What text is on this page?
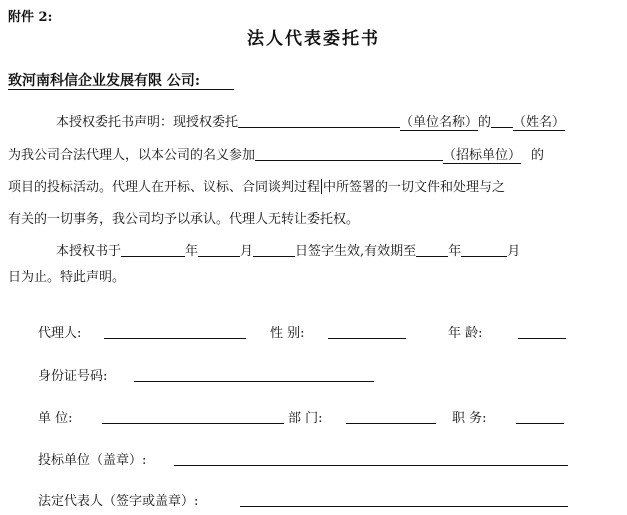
附件 2:
法人代表委托书
致河南科信企业发展有限 公司:
本授权委托书声明：现授权委托	（单位名称）的 （姓名）
为我公司合法代理人，以本公司的名义参加	（招标单位） 的
项目的投标活动。代理人在开标、议标、合同谈判过程 中所签署的一切文件和处理与之
有关的一切事务，我公司均予以承认。代理人无转让委托权。
本授权书于	年	月	日签字生效,有效期至 年	月
日为止。特此声明。
代理人:	性 别:	年 龄:
身份证号码:
单 位:	部 门:	职 务:
投标单位（盖章）:
法定代表人（签字或盖章）:
